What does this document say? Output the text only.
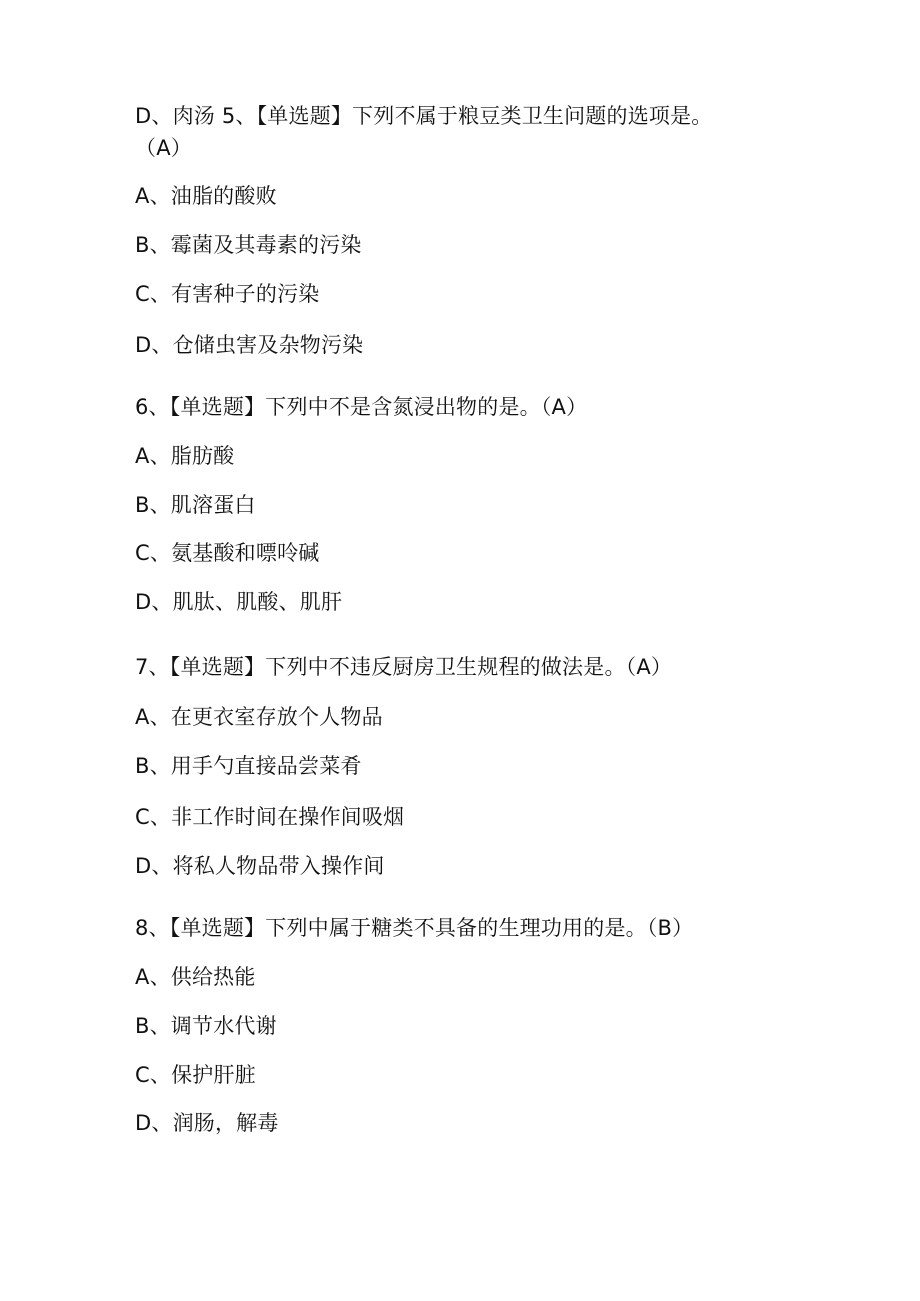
D、肉汤 5、【单选题】下列不属于粮豆类卫生问题的选项是。
（A）
A、油脂的酸败
B、霉菌及其毒素的污染
C、有害种子的污染
D、仓储虫害及杂物污染
6、【单选题】下列中不是含氮浸出物的是。（A）
A、脂肪酸
B、肌溶蛋白
C、氨基酸和嘌呤碱
D、肌肽、肌酸、肌肝
7、【单选题】下列中不违反厨房卫生规程的做法是。（A）
A、在更衣室存放个人物品
B、用手勺直接品尝菜肴
C、非工作时间在操作间吸烟
D、将私人物品带入操作间
8、【单选题】下列中属于糖类不具备的生理功用的是。（B）
A、供给热能
B、调节水代谢
C、保护肝脏
D、润肠，解毒
